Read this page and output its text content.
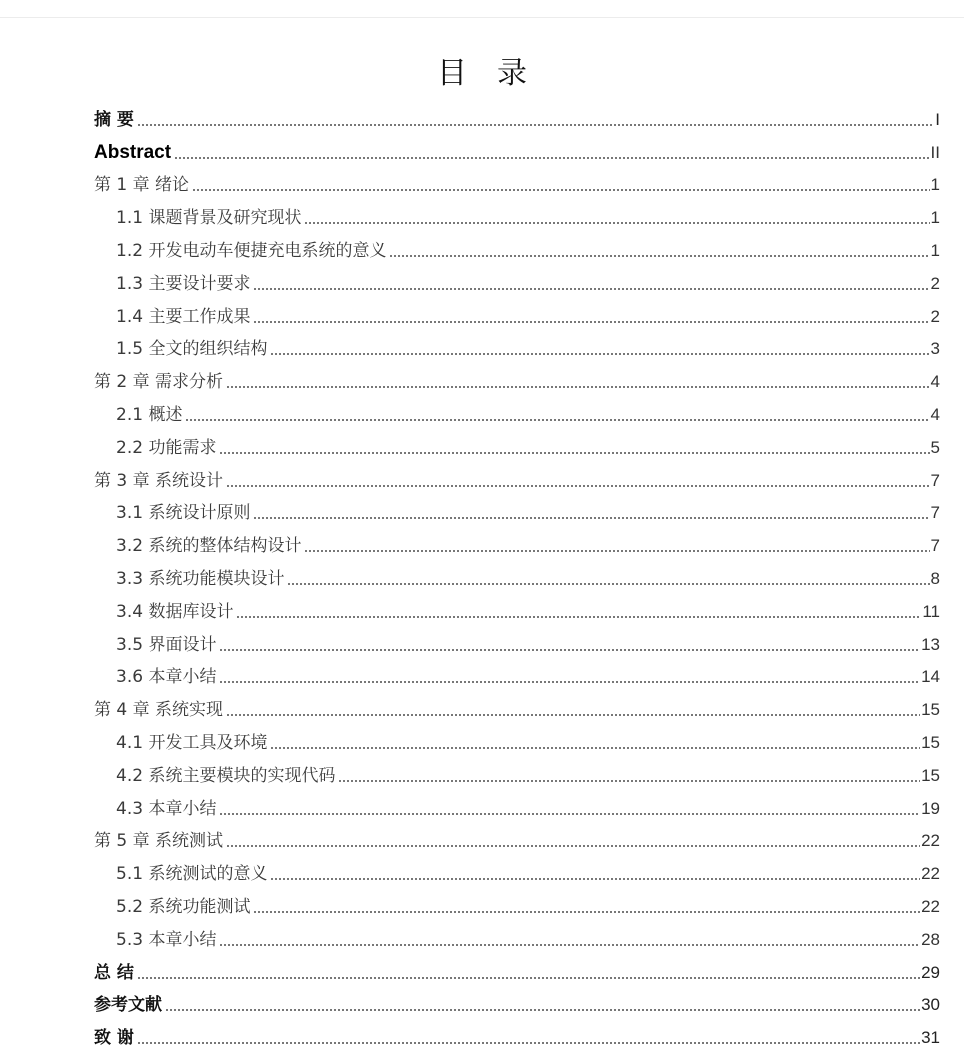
目录
摘 要	I
Abstract	II
第 1 章 绪论	1
1.1 课题背景及研究现状	1
1.2 开发电动车便捷充电系统的意义	1
1.3 主要设计要求	2
1.4 主要工作成果	2
1.5 全文的组织结构	3
第 2 章 需求分析	4
2.1 概述	4
2.2 功能需求	5
第 3 章 系统设计	7
3.1 系统设计原则	7
3.2 系统的整体结构设计	7
3.3 系统功能模块设计	8
3.4 数据库设计	11
3.5 界面设计	13
3.6 本章小结	14
第 4 章 系统实现	15
4.1 开发工具及环境	15
4.2 系统主要模块的实现代码	15
4.3 本章小结	19
第 5 章 系统测试	22
5.1 系统测试的意义	22
5.2 系统功能测试	22
5.3 本章小结	28
总 结	29
参考文献	30
致 谢	31
